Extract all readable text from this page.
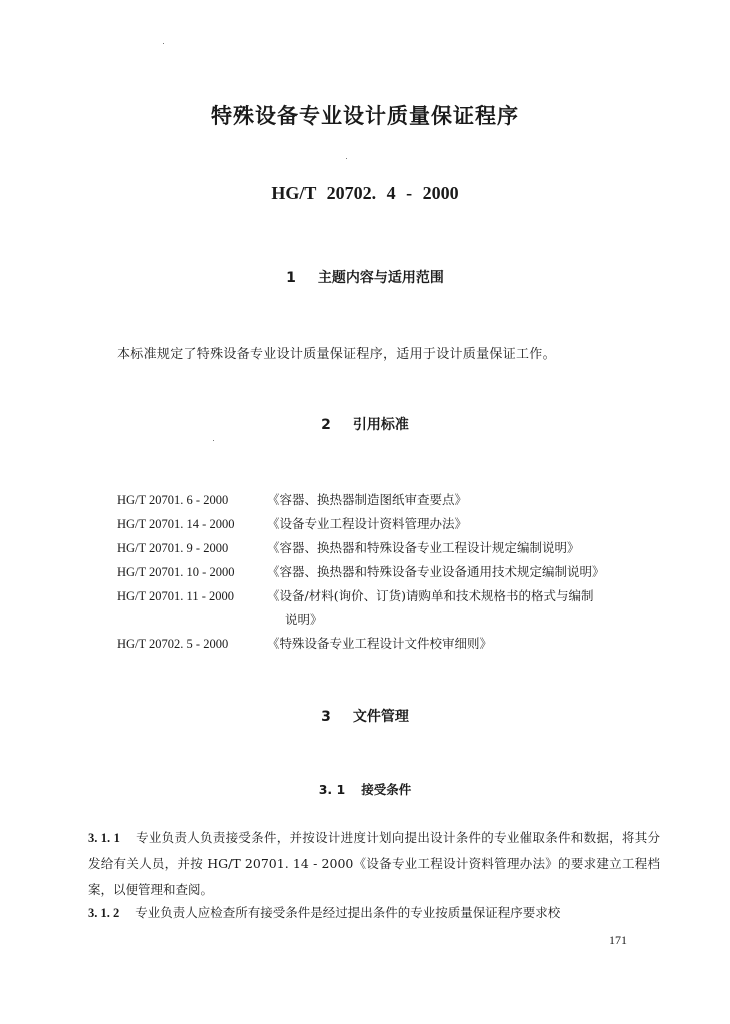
特殊设备专业设计质量保证程序
HG/T 20702. 4 - 2000
1 主题内容与适用范围
本标准规定了特殊设备专业设计质量保证程序，适用于设计质量保证工作。
2 引用标准
HG/T 20701. 6 - 2000	《容器、换热器制造图纸审查要点》
HG/T 20701. 14 - 2000	《设备专业工程设计资料管理办法》
HG/T 20701. 9 - 2000	《容器、换热器和特殊设备专业工程设计规定编制说明》
HG/T 20701. 10 - 2000	《容器、换热器和特殊设备专业设备通用技术规定编制说明》
HG/T 20701. 11 - 2000	《设备/材料(询价、订货)请购单和技术规格书的格式与编制
说明》
HG/T 20702. 5 - 2000	《特殊设备专业工程设计文件校审细则》
3 文件管理
3. 1 接受条件
3. 1. 1 专业负责人负责接受条件，并按设计进度计划向提出设计条件的专业催取条件和数据，将其分发给有关人员，并按 HG/T 20701. 14 - 2000《设备专业工程设计资料管理办法》的要求建立工程档案，以便管理和查阅。
3. 1. 2 专业负责人应检查所有接受条件是经过提出条件的专业按质量保证程序要求校
171
